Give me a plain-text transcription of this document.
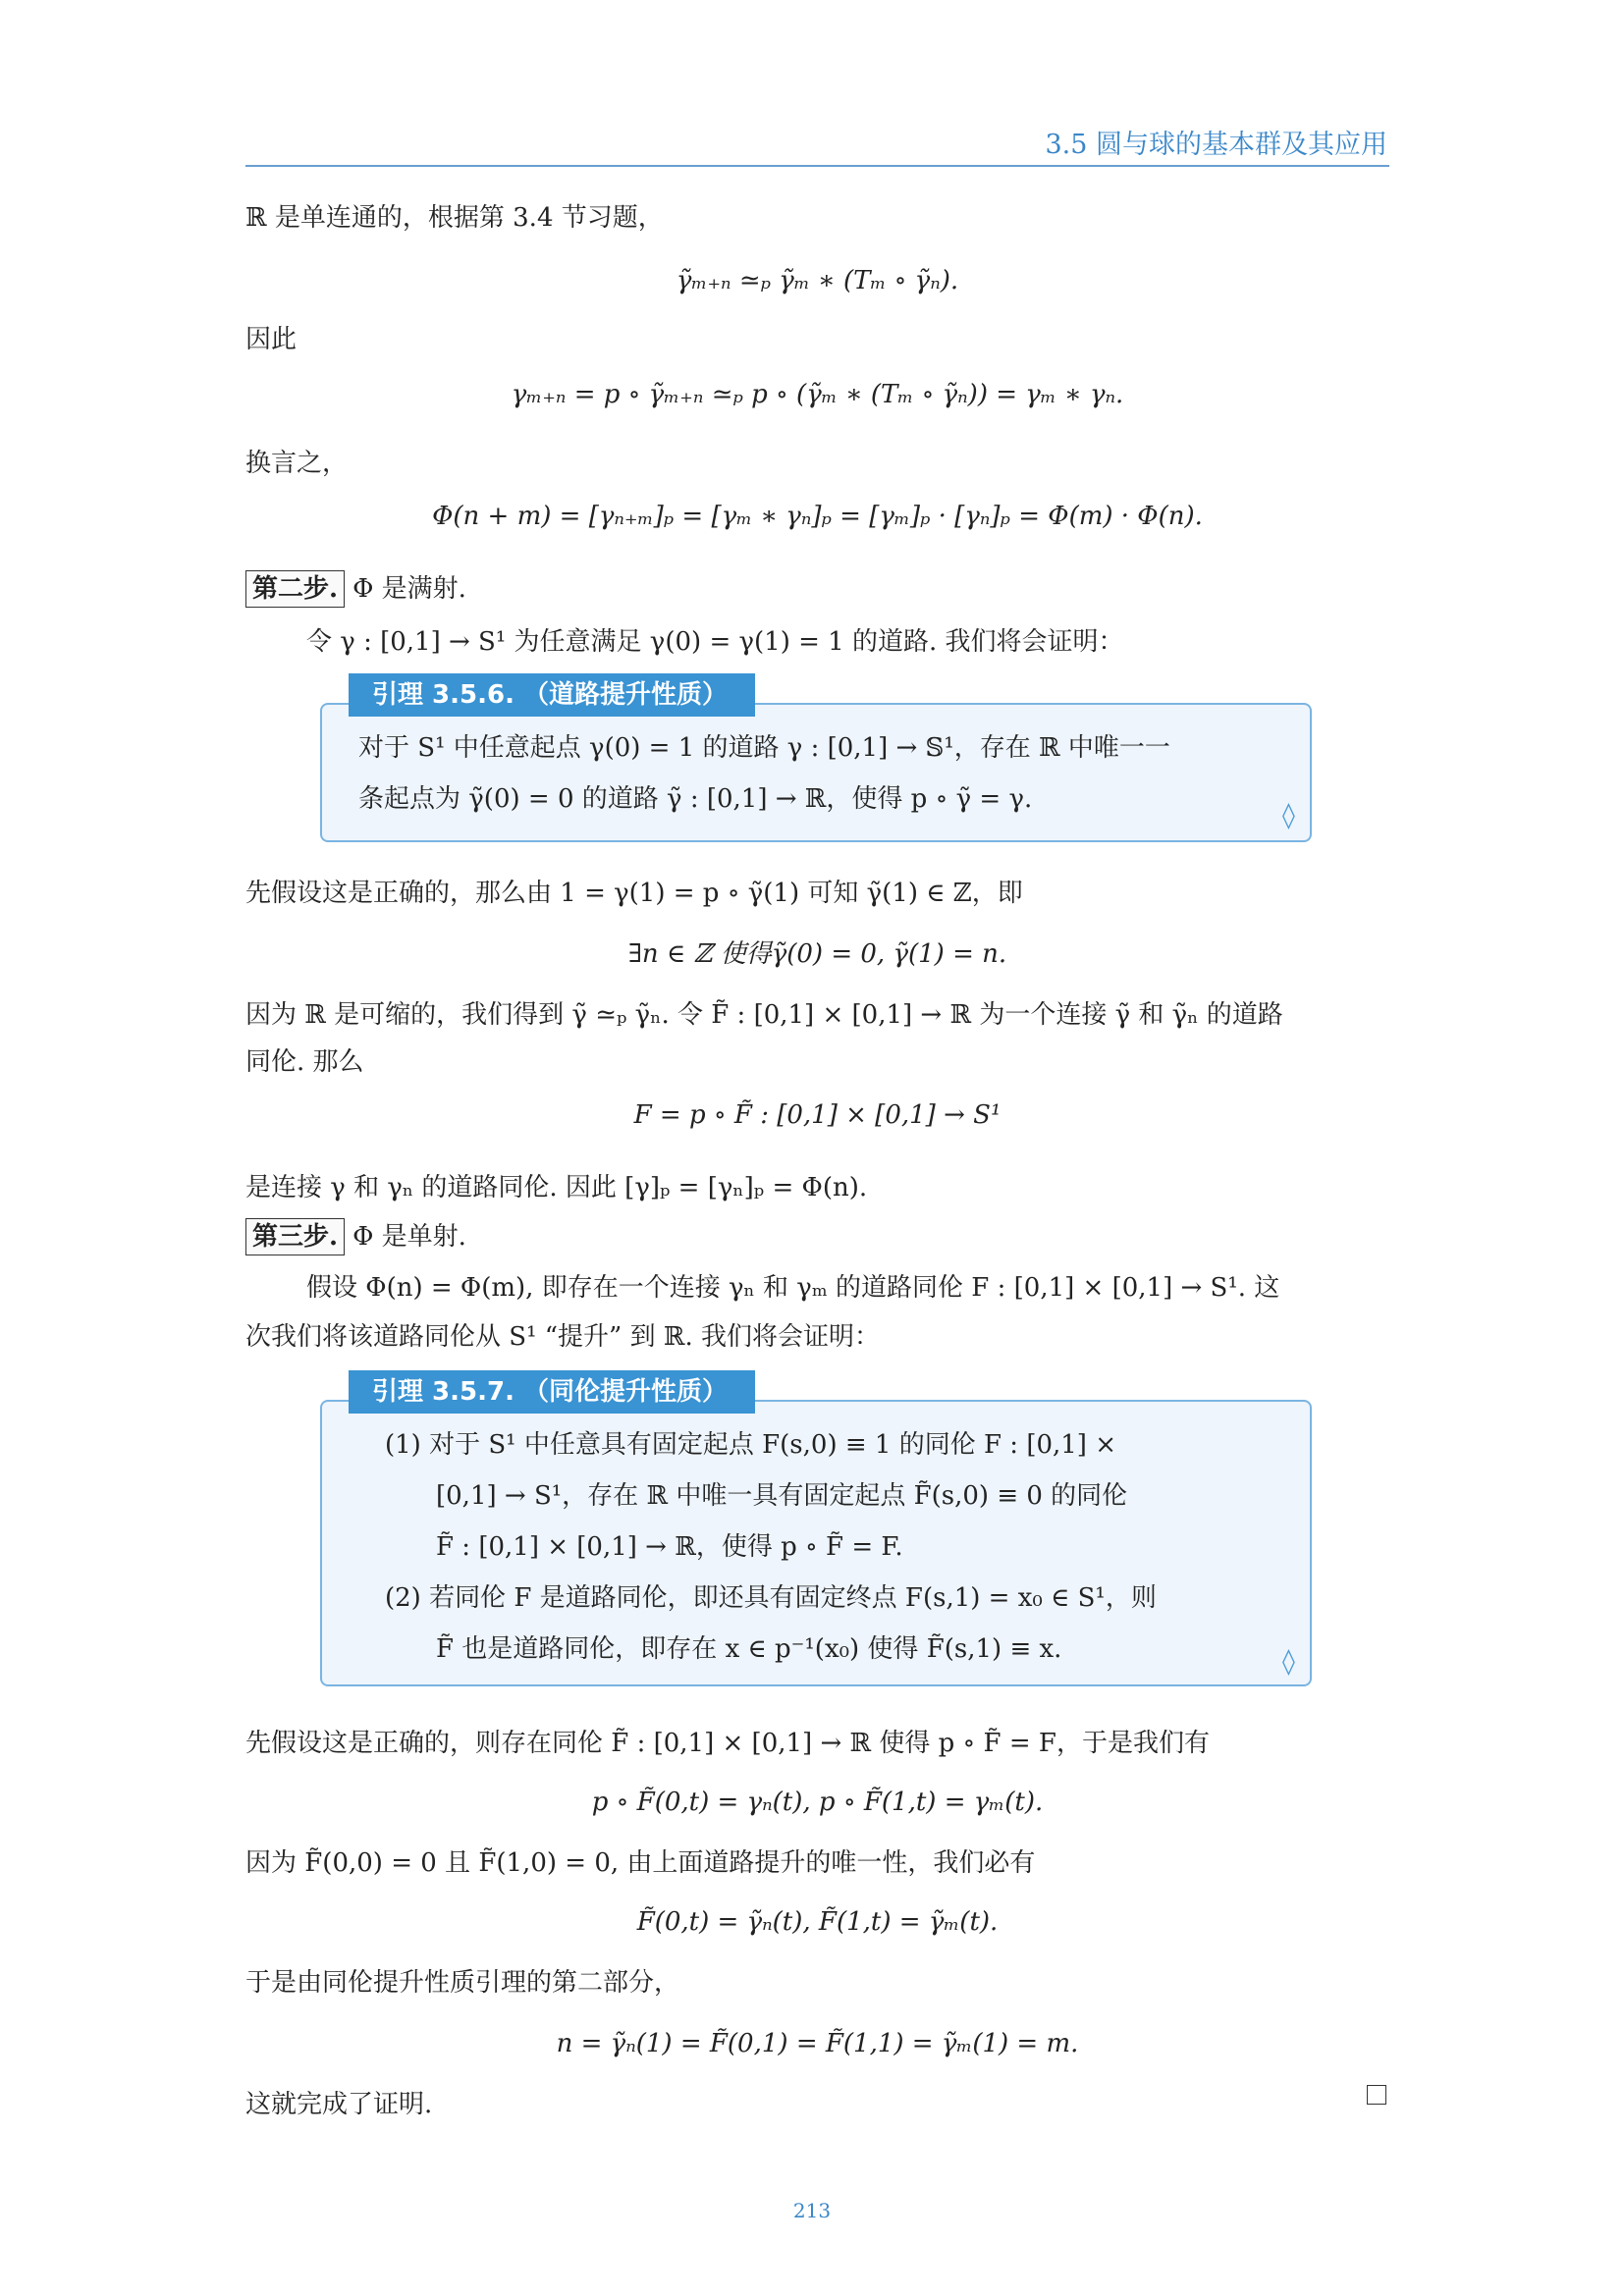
3.5 圆与球的基本群及其应用
ℝ 是单连通的，根据第 3.4 节习题，
γ̃ₘ₊ₙ ≃ₚ γ̃ₘ ∗ (Tₘ ∘ γ̃ₙ).
因此
γₘ₊ₙ = p ∘ γ̃ₘ₊ₙ ≃ₚ p ∘ (γ̃ₘ ∗ (Tₘ ∘ γ̃ₙ)) = γₘ ∗ γₙ.
换言之，
Φ(n + m) = [γₙ₊ₘ]ₚ = [γₘ ∗ γₙ]ₚ = [γₘ]ₚ · [γₙ]ₚ = Φ(m) · Φ(n).
第二步. Φ 是满射.
令 γ : [0,1] → S¹ 为任意满足 γ(0) = γ(1) = 1 的道路. 我们将会证明：
引理 3.5.6. （道路提升性质）
对于 S¹ 中任意起点 γ(0) = 1 的道路 γ : [0,1] → 𝕊¹，存在 ℝ 中唯一一
条起点为 γ̃(0) = 0 的道路 γ̃ : [0,1] → ℝ，使得 p ∘ γ̃ = γ.
◊
先假设这是正确的，那么由 1 = γ(1) = p ∘ γ̃(1) 可知 γ̃(1) ∈ ℤ，即
∃n ∈ ℤ 使得γ̃(0) = 0, γ̃(1) = n.
因为 ℝ 是可缩的，我们得到 γ̃ ≃ₚ γ̃ₙ. 令 F̃ : [0,1] × [0,1] → ℝ 为一个连接 γ̃ 和 γ̃ₙ 的道路
同伦. 那么
F = p ∘ F̃ : [0,1] × [0,1] → S¹
是连接 γ 和 γₙ 的道路同伦. 因此 [γ]ₚ = [γₙ]ₚ = Φ(n).
第三步. Φ 是单射.
假设 Φ(n) = Φ(m), 即存在一个连接 γₙ 和 γₘ 的道路同伦 F : [0,1] × [0,1] → S¹. 这
次我们将该道路同伦从 S¹ “提升” 到 ℝ. 我们将会证明：
引理 3.5.7. （同伦提升性质）
(1) 对于 S¹ 中任意具有固定起点 F(s,0) ≡ 1 的同伦 F : [0,1] ×
[0,1] → S¹，存在 ℝ 中唯一具有固定起点 F̃(s,0) ≡ 0 的同伦
F̃ : [0,1] × [0,1] → ℝ，使得 p ∘ F̃ = F.
(2) 若同伦 F 是道路同伦，即还具有固定终点 F(s,1) = x₀ ∈ S¹，则
F̃ 也是道路同伦，即存在 x ∈ p⁻¹(x₀) 使得 F̃(s,1) ≡ x.	◊
先假设这是正确的，则存在同伦 F̃ : [0,1] × [0,1] → ℝ 使得 p ∘ F̃ = F，于是我们有
p ∘ F̃(0,t) = γₙ(t), p ∘ F̃(1,t) = γₘ(t).
因为 F̃(0,0) = 0 且 F̃(1,0) = 0, 由上面道路提升的唯一性，我们必有
F̃(0,t) = γ̃ₙ(t), F̃(1,t) = γ̃ₘ(t).
于是由同伦提升性质引理的第二部分，
n = γ̃ₙ(1) = F̃(0,1) = F̃(1,1) = γ̃ₘ(1) = m.
这就完成了证明.
213
